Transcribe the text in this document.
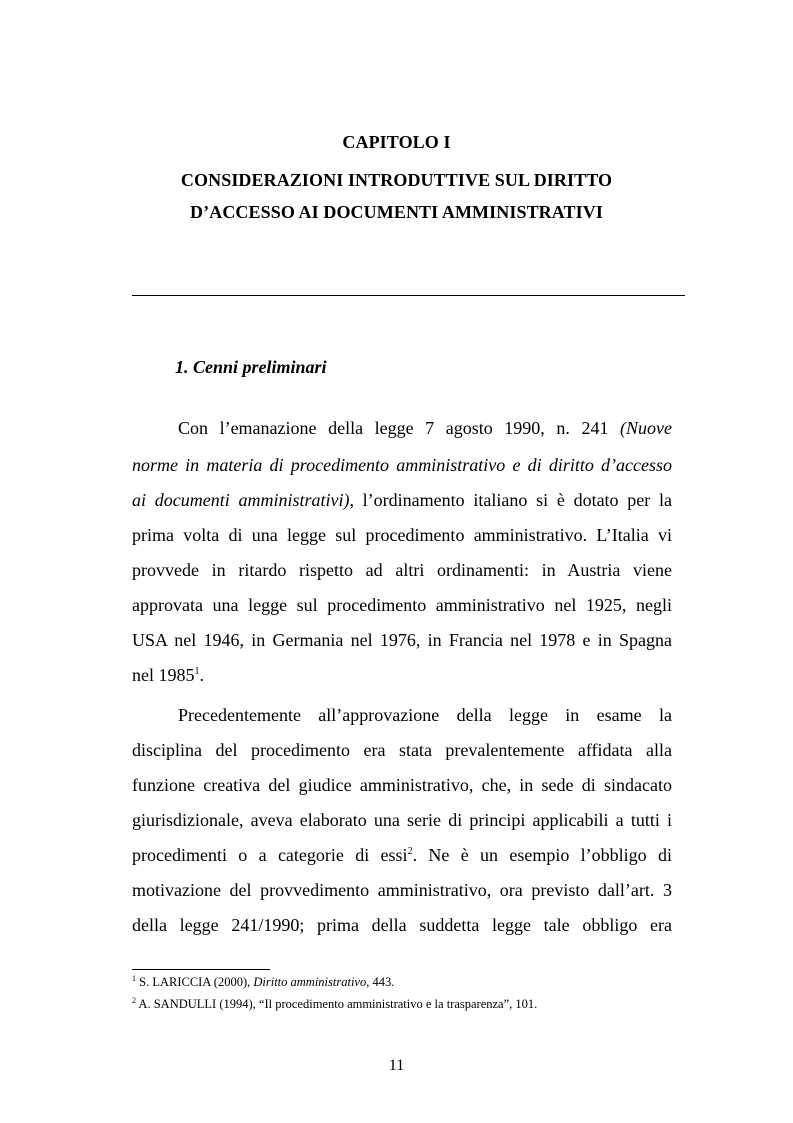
CAPITOLO I
CONSIDERAZIONI INTRODUTTIVE SUL DIRITTO
D’ACCESSO AI DOCUMENTI AMMINISTRATIVI
1. Cenni preliminari
Con l’emanazione della legge 7 agosto 1990, n. 241 (Nuove
norme in materia di procedimento amministrativo e di diritto d’accesso
ai documenti amministrativi), l’ordinamento italiano si è dotato per la
prima volta di una legge sul procedimento amministrativo. L’Italia vi
provvede in ritardo rispetto ad altri ordinamenti: in Austria viene
approvata una legge sul procedimento amministrativo nel 1925, negli
USA nel 1946, in Germania nel 1976, in Francia nel 1978 e in Spagna
nel 1985$^1$.
Precedentemente all’approvazione della legge in esame la
disciplina del procedimento era stata prevalentemente affidata alla
funzione creativa del giudice amministrativo, che, in sede di sindacato
giurisdizionale, aveva elaborato una serie di principi applicabili a tutti i
procedimenti o a categorie di essi$^2$. Ne è un esempio l’obbligo di
motivazione del provvedimento amministrativo, ora previsto dall’art. 3
della legge 241/1990; prima della suddetta legge tale obbligo era
$^1$ S. LARICCIA (2000), Diritto amministrativo, 443.
$^2$ A. SANDULLI (1994), “Il procedimento amministrativo e la trasparenza”, 101.
11
